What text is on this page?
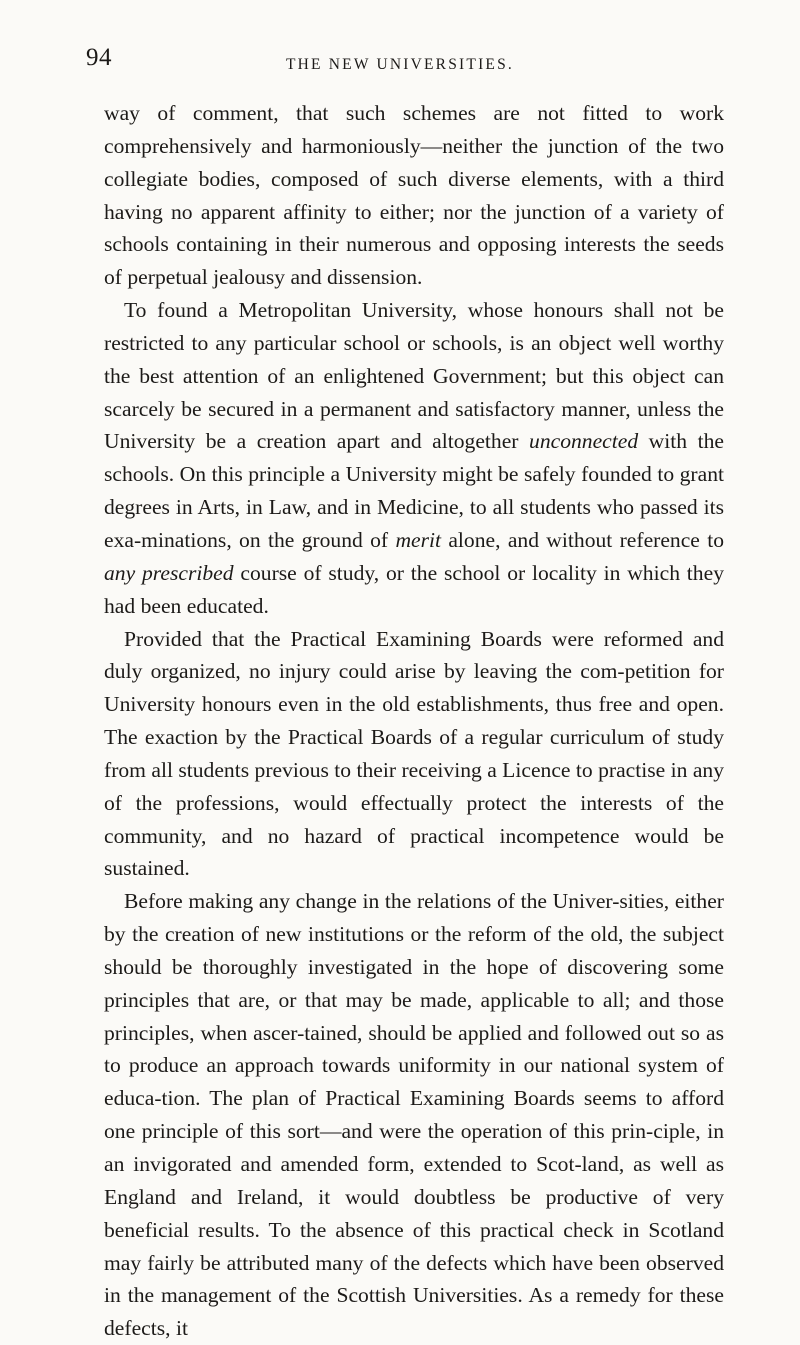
94	THE NEW UNIVERSITIES.

way of comment, that such schemes are not fitted to work comprehensively and harmoniously—neither the junction of the two collegiate bodies, composed of such diverse elements, with a third having no apparent affinity to either; nor the junction of a variety of schools containing in their numerous and opposing interests the seeds of perpetual jealousy and dissension.

To found a Metropolitan University, whose honours shall not be restricted to any particular school or schools, is an object well worthy the best attention of an enlightened Government; but this object can scarcely be secured in a permanent and satisfactory manner, unless the University be a creation apart and altogether unconnected with the schools. On this principle a University might be safely founded to grant degrees in Arts, in Law, and in Medicine, to all students who passed its exa-minations, on the ground of merit alone, and without reference to any prescribed course of study, or the school or locality in which they had been educated.

Provided that the Practical Examining Boards were reformed and duly organized, no injury could arise by leaving the com-petition for University honours even in the old establishments, thus free and open. The exaction by the Practical Boards of a regular curriculum of study from all students previous to their receiving a Licence to practise in any of the professions, would effectually protect the interests of the community, and no hazard of practical incompetence would be sustained.

Before making any change in the relations of the Univer-sities, either by the creation of new institutions or the reform of the old, the subject should be thoroughly investigated in the hope of discovering some principles that are, or that may be made, applicable to all; and those principles, when ascer-tained, should be applied and followed out so as to produce an approach towards uniformity in our national system of educa-tion. The plan of Practical Examining Boards seems to afford one principle of this sort—and were the operation of this prin-ciple, in an invigorated and amended form, extended to Scot-land, as well as England and Ireland, it would doubtless be productive of very beneficial results. To the absence of this practical check in Scotland may fairly be attributed many of the defects which have been observed in the management of the Scottish Universities. As a remedy for these defects, it
